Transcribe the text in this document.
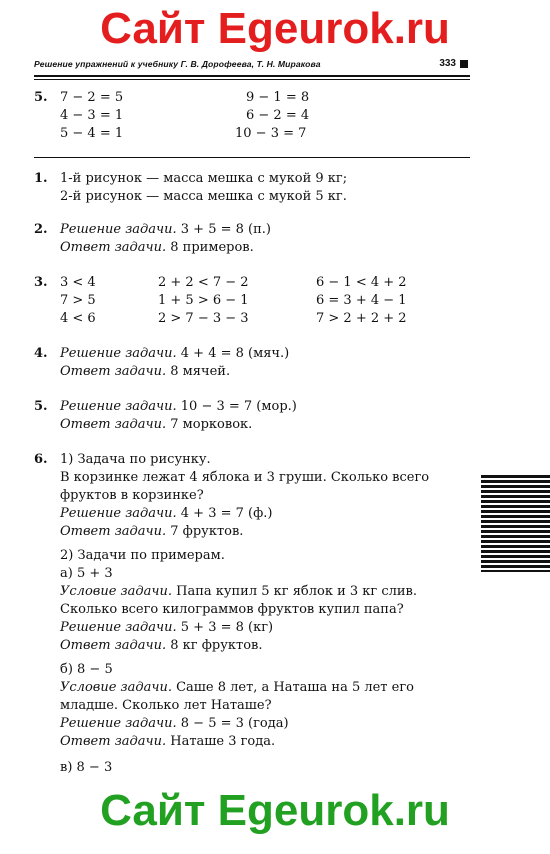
Сайт Egeurok.ru
Решение упражнений к учебнику Г. В. Дорофеева, Т. Н. Миракова	333
5. 7 − 2 = 5
4 − 3 = 1
5 − 4 = 1
9 − 1 = 8
6 − 2 = 4
10 − 3 = 7
1. 1-й рисунок — масса мешка с мукой 9 кг;
2-й рисунок — масса мешка с мукой 5 кг.
2. Решение задачи. 3 + 5 = 8 (п.)
Ответ задачи. 8 примеров.
3. 3 < 4
7 > 5
4 < 6
2 + 2 < 7 − 2
1 + 5 > 6 − 1
2 > 7 − 3 − 3
6 − 1 < 4 + 2
6 = 3 + 4 − 1
7 > 2 + 2 + 2
4. Решение задачи. 4 + 4 = 8 (мяч.)
Ответ задачи. 8 мячей.
5. Решение задачи. 10 − 3 = 7 (мор.)
Ответ задачи. 7 морковок.
6. 1) Задача по рисунку.
В корзинке лежат 4 яблока и 3 груши. Сколько всего
фруктов в корзинке?
Решение задачи. 4 + 3 = 7 (ф.)
Ответ задачи. 7 фруктов.
2) Задачи по примерам.
а) 5 + 3
Условие задачи. Папа купил 5 кг яблок и 3 кг слив.
Сколько всего килограммов фруктов купил папа?
Решение задачи. 5 + 3 = 8 (кг)
Ответ задачи. 8 кг фруктов.
б) 8 − 5
Условие задачи. Саше 8 лет, а Наташа на 5 лет его
младше. Сколько лет Наташе?
Решение задачи. 8 − 5 = 3 (года)
Ответ задачи. Наташе 3 года.
в) 8 − 3
Сайт Egeurok.ru
